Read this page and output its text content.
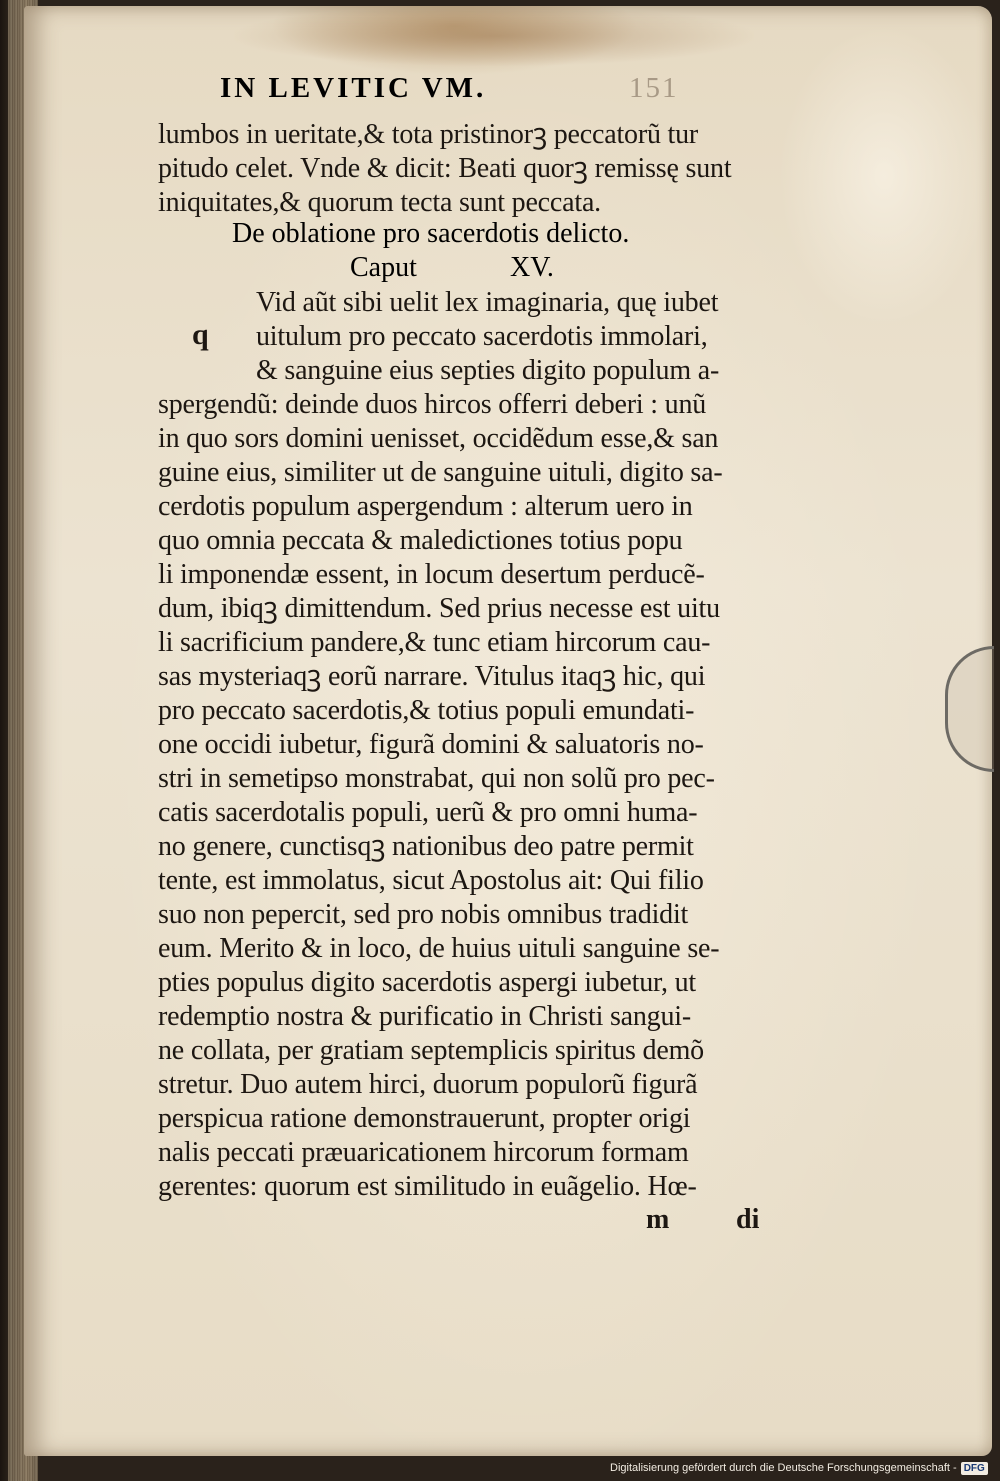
IN LEVITIC VM.	151
lumbos in ueritate,& tota pristinorꝫ peccatorũ tur
pitudo celet. Vnde & dicit: Beati quorꝫ remissę sunt
iniquitates,& quorum tecta sunt peccata.
De oblatione pro sacerdotis delicto.
Caput	XV.
q
Vid aũt sibi uelit lex imaginaria, quę iubet
uitulum pro peccato sacerdotis immolari,
& sanguine eius septies digito populum a-
spergendũ: deinde duos hircos offerri deberi : unũ
in quo sors domini uenisset, occidẽdum esse,& san
guine eius, similiter ut de sanguine uituli, digito sa-
cerdotis populum aspergendum : alterum uero in
quo omnia peccata & maledictiones totius popu
li imponendæ essent, in locum desertum perducẽ-
dum, ibiqꝫ dimittendum. Sed prius necesse est uitu
li sacrificium pandere,& tunc etiam hircorum cau-
sas mysteriaqꝫ eorũ narrare. Vitulus itaqꝫ hic, qui
pro peccato sacerdotis,& totius populi emundati-
one occidi iubetur, figurã domini & saluatoris no-
stri in semetipso monstrabat, qui non solũ pro pec-
catis sacerdotalis populi, uerũ & pro omni huma-
no genere, cunctisqꝫ nationibus deo patre permit
tente, est immolatus, sicut Apostolus ait: Qui filio
suo non pepercit, sed pro nobis omnibus tradidit
eum. Merito & in loco, de huius uituli sanguine se-
pties populus digito sacerdotis aspergi iubetur, ut
redemptio nostra & purificatio in Christi sangui-
ne collata, per gratiam septemplicis spiritus demõ
stretur. Duo autem hirci, duorum populorũ figurã
perspicua ratione demonstrauerunt, propter origi
nalis peccati præuaricationem hircorum formam
gerentes: quorum est similitudo in euãgelio. Hœ-
m di
Digitalisierung gefördert durch die Deutsche Forschungsgemeinschaft - DFG
